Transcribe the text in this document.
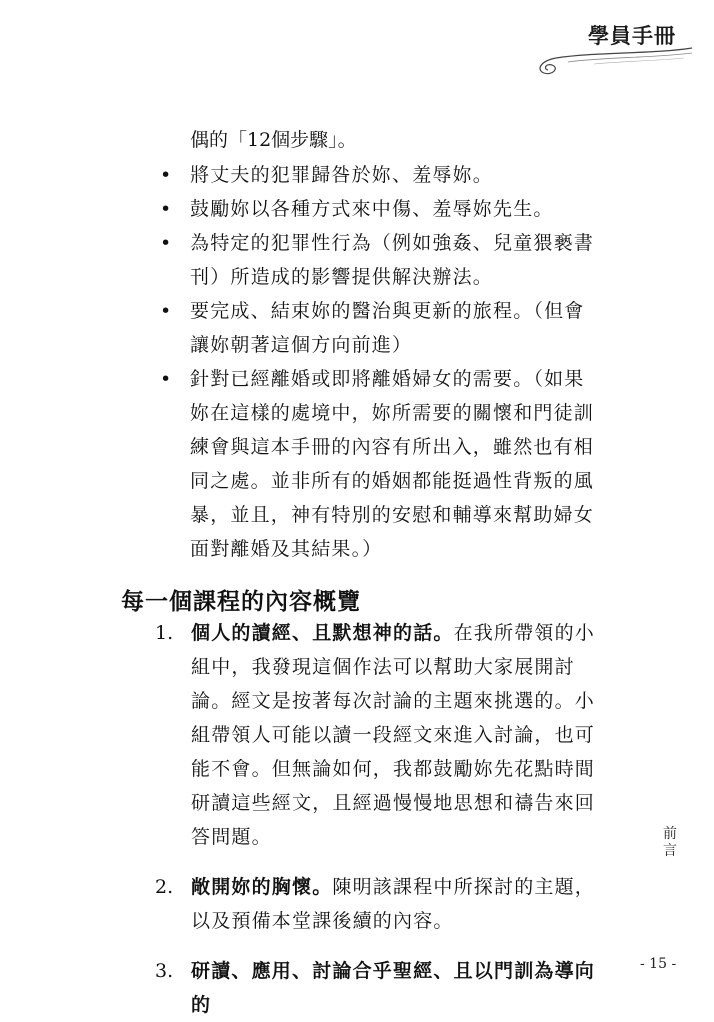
學員手冊
偶的「12個步驟」。
• 將丈夫的犯罪歸咎於妳、羞辱妳。
• 鼓勵妳以各種方式來中傷、羞辱妳先生。
• 為特定的犯罪性行為（例如強姦、兒童猥褻書刊）所造成的影響提供解決辦法。
• 要完成、結束妳的醫治與更新的旅程。（但會讓妳朝著這個方向前進）
• 針對已經離婚或即將離婚婦女的需要。（如果妳在這樣的處境中，妳所需要的關懷和門徒訓練會與這本手冊的內容有所出入，雖然也有相同之處。並非所有的婚姻都能挺過性背叛的風暴，並且，神有特別的安慰和輔導來幫助婦女面對離婚及其結果。）
每一個課程的內容概覽
1. 個人的讀經、且默想神的話。在我所帶領的小組中，我發現這個作法可以幫助大家展開討論。經文是按著每次討論的主題來挑選的。小組帶領人可能以讀一段經文來進入討論，也可能不會。但無論如何，我都鼓勵妳先花點時間研讀這些經文，且經過慢慢地思想和禱告來回答問題。
2. 敞開妳的胸懷。陳明該課程中所探討的主題，以及預備本堂課後續的內容。
3. 研讀、應用、討論合乎聖經、且以門訓為導向的
前言
- 15 -
